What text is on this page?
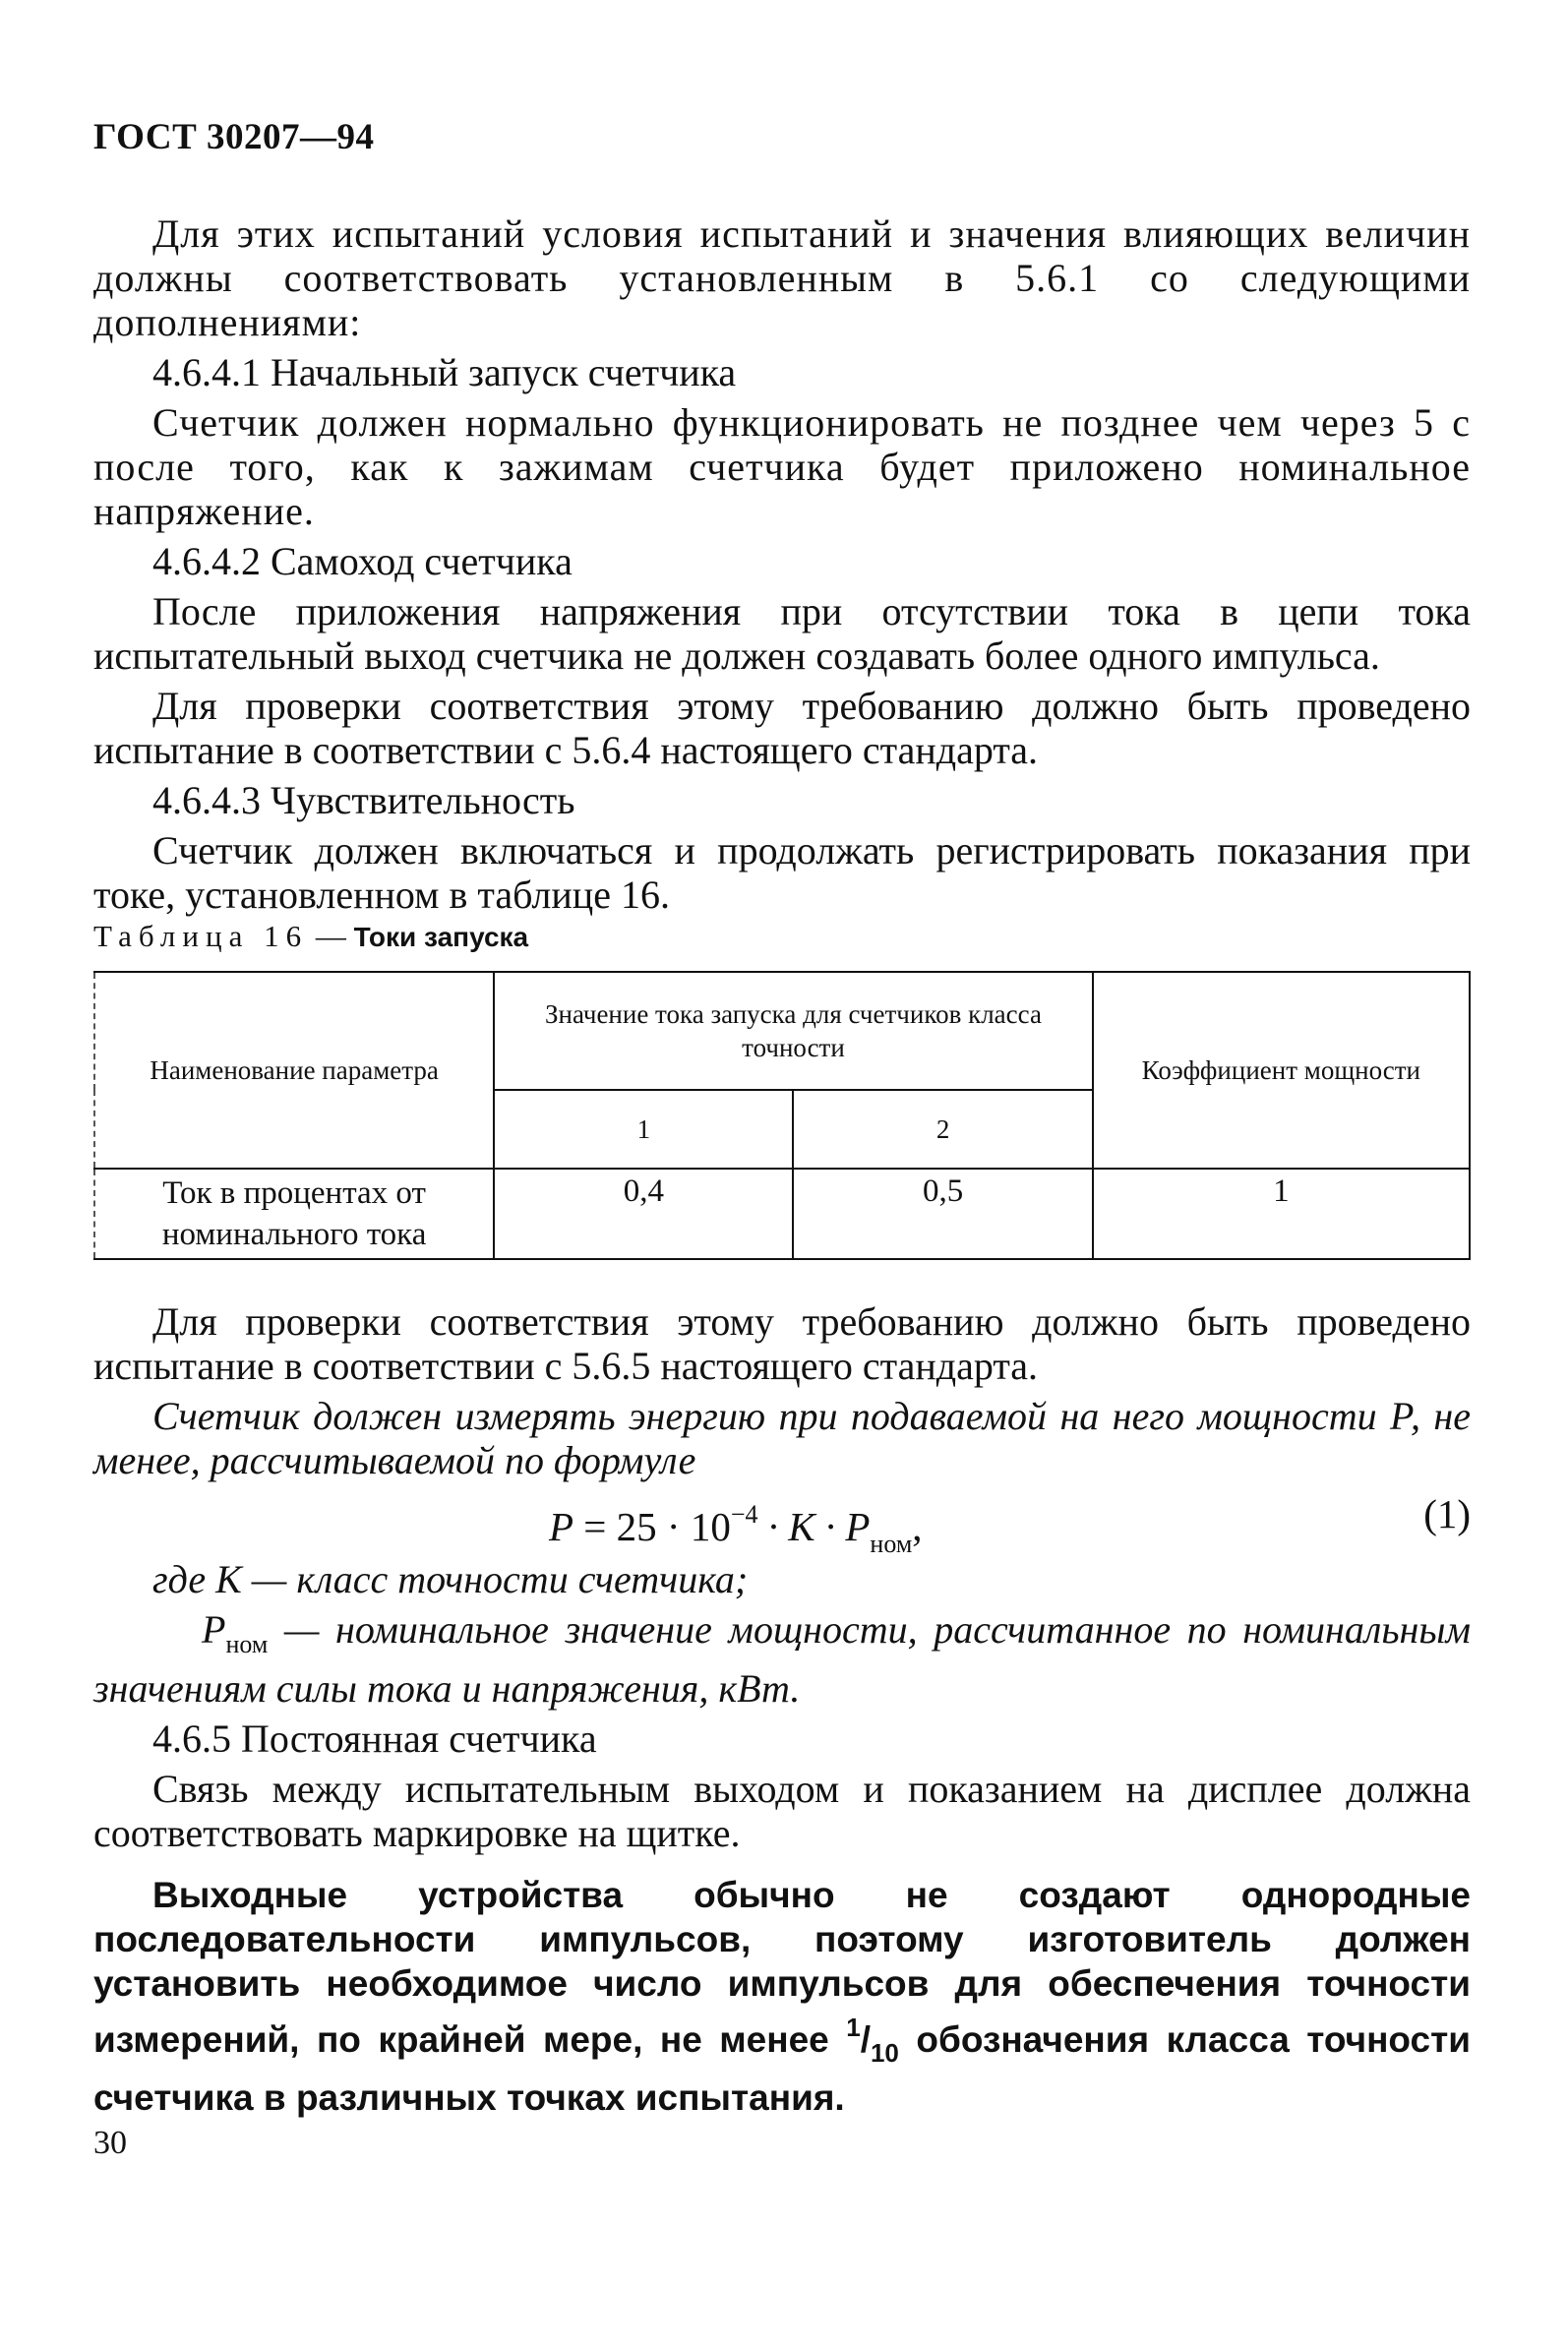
ГОСТ 30207—94

Для этих испытаний условия испытаний и значения влияющих величин должны соответствовать установленным в 5.6.1 со следующими дополнениями:

4.6.4.1 Начальный запуск счетчика

Счетчик должен нормально функционировать не позднее чем через 5 с после того, как к зажимам счетчика будет приложено номинальное напряжение.

4.6.4.2 Самоход счетчика

После приложения напряжения при отсутствии тока в цепи тока испытательный выход счетчика не должен создавать более одного импульса.

Для проверки соответствия этому требованию должно быть проведено испытание в соответствии с 5.6.4 настоящего стандарта.

4.6.4.3 Чувствительность

Счетчик должен включаться и продолжать регистрировать показания при токе, установленном в таблице 16.

Таблица 16 — Токи запуска

Наименование параметра	Значение тока запуска для счетчиков класса точности		Коэффициент мощности
	1	2	
Ток в процентах от номинального тока	0,4	0,5	1

Для проверки соответствия этому требованию должно быть проведено испытание в соответствии с 5.6.5 настоящего стандарта.

Счетчик должен измерять энергию при подаваемой на него мощности Р, не менее, рассчитываемой по формуле

$P = 25 \cdot 10^{-4} \cdot K \cdot P_{ном}$,	(1)

где K — класс точности счетчика;

$P_{ном}$ — номинальное значение мощности, рассчитанное по номинальным значениям силы тока и напряжения, кВт.

4.6.5 Постоянная счетчика

Связь между испытательным выходом и показанием на дисплее должна соответствовать маркировке на щитке.

Выходные устройства обычно не создают однородные последовательности импульсов, поэтому изготовитель должен установить необходимое число импульсов для обеспечения точности измерений, по крайней мере, не менее $^1/_{10}$ обозначения класса точности счетчика в различных точках испытания.

30
